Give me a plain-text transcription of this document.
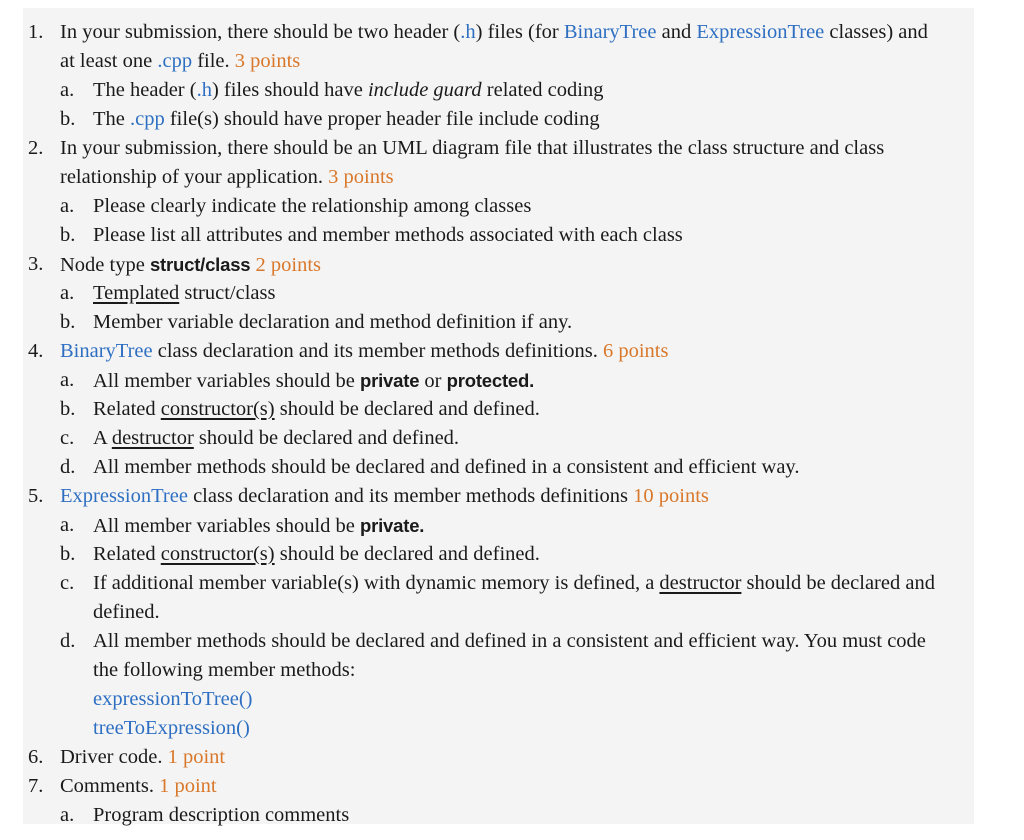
1. In your submission, there should be two header (.h) files (for BinaryTree and ExpressionTree classes) and
at least one .cpp file. 3 points
a. The header (.h) files should have include guard related coding
b. The .cpp file(s) should have proper header file include coding
2. In your submission, there should be an UML diagram file that illustrates the class structure and class
relationship of your application. 3 points
a. Please clearly indicate the relationship among classes
b. Please list all attributes and member methods associated with each class
3. Node type struct/class 2 points
a. Templated struct/class
b. Member variable declaration and method definition if any.
4. BinaryTree class declaration and its member methods definitions. 6 points
a. All member variables should be private or protected.
b. Related constructor(s) should be declared and defined.
c. A destructor should be declared and defined.
d. All member methods should be declared and defined in a consistent and efficient way.
5. ExpressionTree class declaration and its member methods definitions 10 points
a. All member variables should be private.
b. Related constructor(s) should be declared and defined.
c. If additional member variable(s) with dynamic memory is defined, a destructor should be declared and
defined.
d. All member methods should be declared and defined in a consistent and efficient way. You must code
the following member methods:
expressionToTree()
treeToExpression()
6. Driver code. 1 point
7. Comments. 1 point
a. Program description comments
